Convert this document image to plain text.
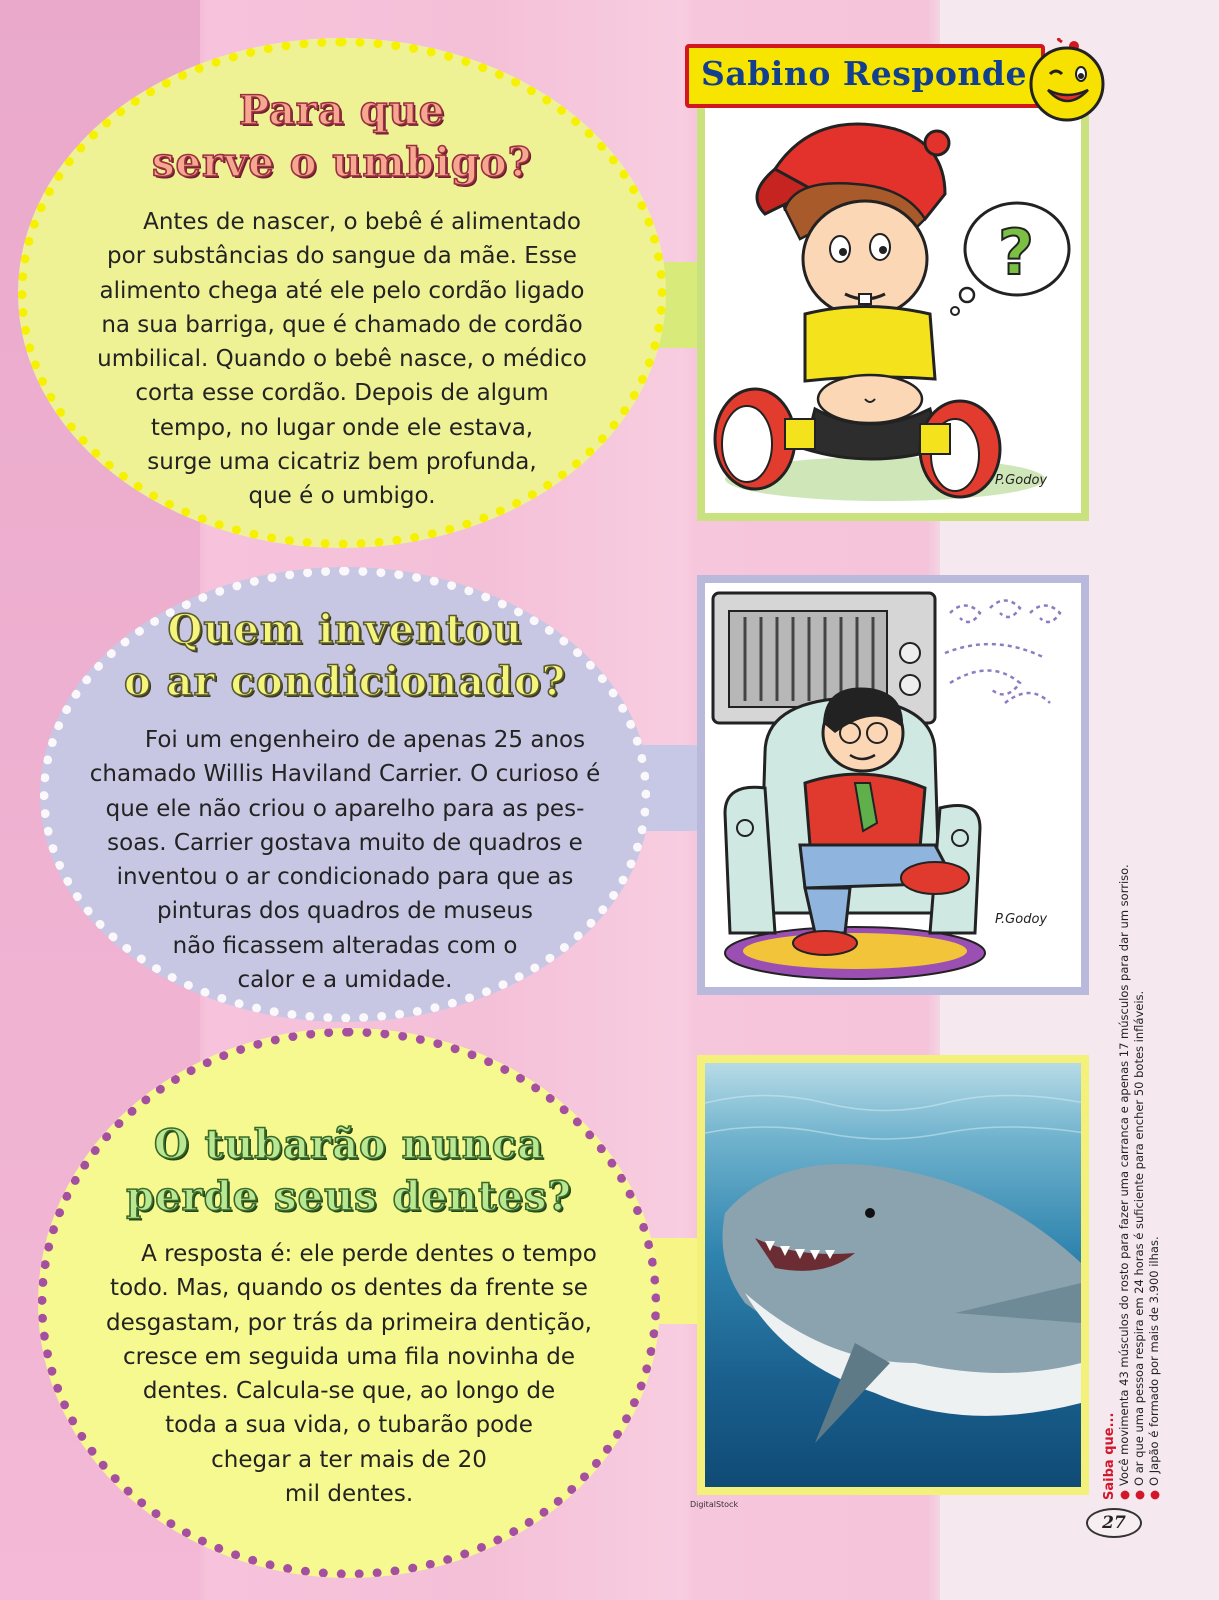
Para que
serve o umbigo?

Antes de nascer, o bebê é alimentado
por substâncias do sangue da mãe. Esse
alimento chega até ele pelo cordão ligado
na sua barriga, que é chamado de cordão
umbilical. Quando o bebê nasce, o médico
corta esse cordão. Depois de algum
tempo, no lugar onde ele estava,
surge uma cicatriz bem profunda,
que é o umbigo.

Quem inventou
o ar condicionado?

Foi um engenheiro de apenas 25 anos
chamado Willis Haviland Carrier. O curioso é
que ele não criou o aparelho para as pes-
soas. Carrier gostava muito de quadros e
inventou o ar condicionado para que as
pinturas dos quadros de museus
não ficassem alteradas com o
calor e a umidade.

O tubarão nunca
perde seus dentes?

A resposta é: ele perde dentes o tempo
todo. Mas, quando os dentes da frente se
desgastam, por trás da primeira dentição,
cresce em seguida uma fila novinha de
dentes. Calcula-se que, ao longo de
toda a sua vida, o tubarão pode
chegar a ter mais de 20
mil dentes.

?
P.Godoy
P.Godoy
Sabino Responde
Saiba que... ●Você movimenta 43 músculos do rosto para fazer uma carranca e apenas 17 músculos para dar um sorriso.
●O ar que uma pessoa respira em 24 horas é suficiente para encher 50 botes infláveis.
●O Japão é formado por mais de 3.900 ilhas.
DigitalStock
27
